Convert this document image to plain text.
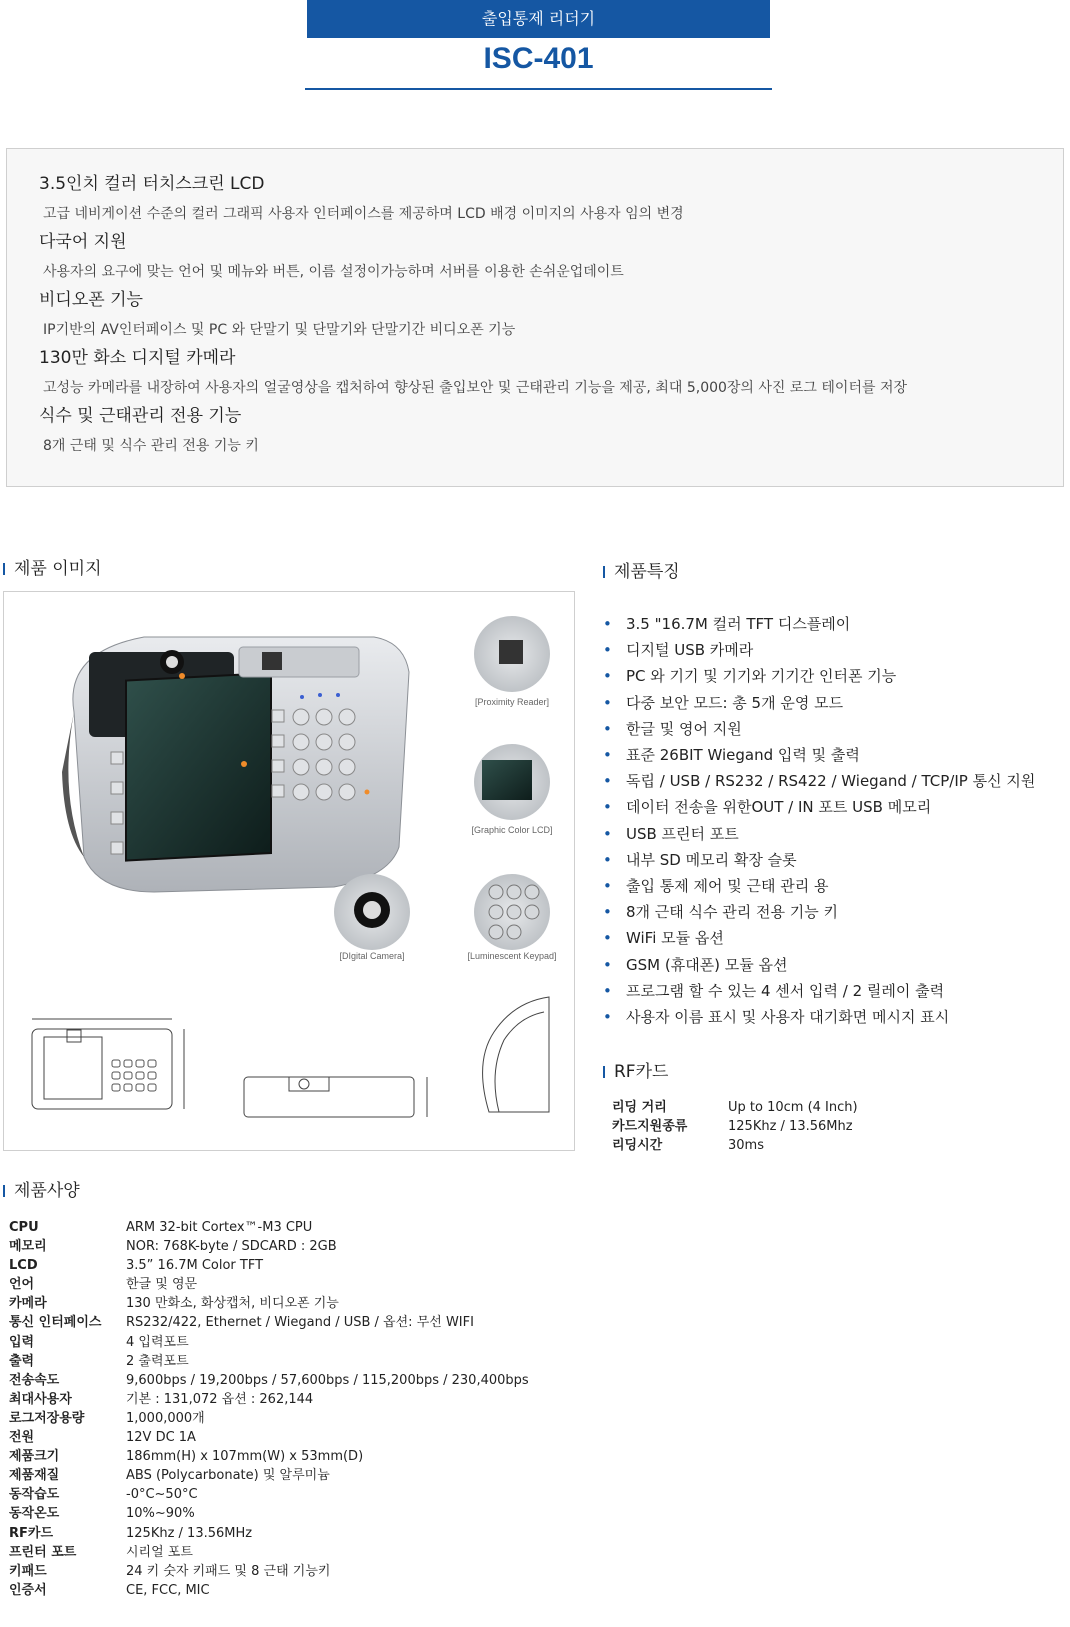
출입통제 리더기
ISC-401
3.5인치 컬러 터치스크린 LCD
고급 네비게이션 수준의 컬러 그래픽 사용자 인터페이스를 제공하며 LCD 배경 이미지의 사용자 임의 변경
다국어 지원
사용자의 요구에 맞는 언어 및 메뉴와 버튼, 이름 설정이가능하며 서버를 이용한 손쉬운업데이트
비디오폰 기능
IP기반의 AV인터페이스 및 PC 와 단말기 및 단말기와 단말기간 비디오폰 기능
130만 화소 디지털 카메라
고성능 카메라를 내장하여 사용자의 얼굴영상을 캡처하여 향상된 출입보안 및 근태관리 기능을 제공, 최대 5,000장의 사진 로그 테이터를 저장
식수 및 근태관리 전용 기능
8개 근태 및 식수 관리 전용 기능 키
제품 이미지	제품특징
RF카드
제품사양
[Proximity Reader]
[Graphic Color LCD]
[DIgital Camera]	[Luminescent Keypad]
• 3.5 "16.7M 컬러 TFT 디스플레이
• 디지털 USB 카메라
• PC 와 기기 및 기기와 기기간 인터폰 기능
• 다중 보안 모드: 총 5개 운영 모드
• 한글 및 영어 지원
• 표준 26BIT Wiegand 입력 및 출력
• 독립 / USB / RS232 / RS422 / Wiegand / TCP/IP 통신 지원
• 데이터 전송을 위한OUT / IN 포트 USB 메모리
• USB 프린터 포트
• 내부 SD 메모리 확장 슬롯
• 출입 통제 제어 및 근태 관리 용
• 8개 근태 식수 관리 전용 기능 키
• WiFi 모듈 옵션
• GSM (휴대폰) 모듈 옵션
• 프로그램 할 수 있는 4 센서 입력 / 2 릴레이 출력
• 사용자 이름 표시 및 사용자 대기화면 메시지 표시
리딩 거리	Up to 10cm (4 Inch)
카드지원종류	125Khz / 13.56Mhz
리딩시간	30ms
CPU	ARM 32-bit Cortex™-M3 CPU
메모리	NOR: 768K-byte / SDCARD : 2GB
LCD	3.5” 16.7M Color TFT
언어	한글 및 영문
카메라	130 만화소, 화상캡처, 비디오폰 기능
통신 인터페이스 RS232/422, Ethernet / Wiegand / USB / 옵션: 무선 WIFI
입력	4 입력포트
출력	2 출력포트
전송속도	9,600bps / 19,200bps / 57,600bps / 115,200bps / 230,400bps
최대사용자	기본 : 131,072 옵션 : 262,144
로그저장용량	1,000,000개
전원	12V DC 1A
제품크기	186mm(H) x 107mm(W) x 53mm(D)
제품재질	ABS (Polycarbonate) 및 알루미늄
동작습도	-0°C~50°C
동작온도	10%~90%
RF카드	125Khz / 13.56MHz
프린터 포트	시리얼 포트
키패드	24 키 숫자 키패드 및 8 근태 기능키
인증서	CE, FCC, MIC
